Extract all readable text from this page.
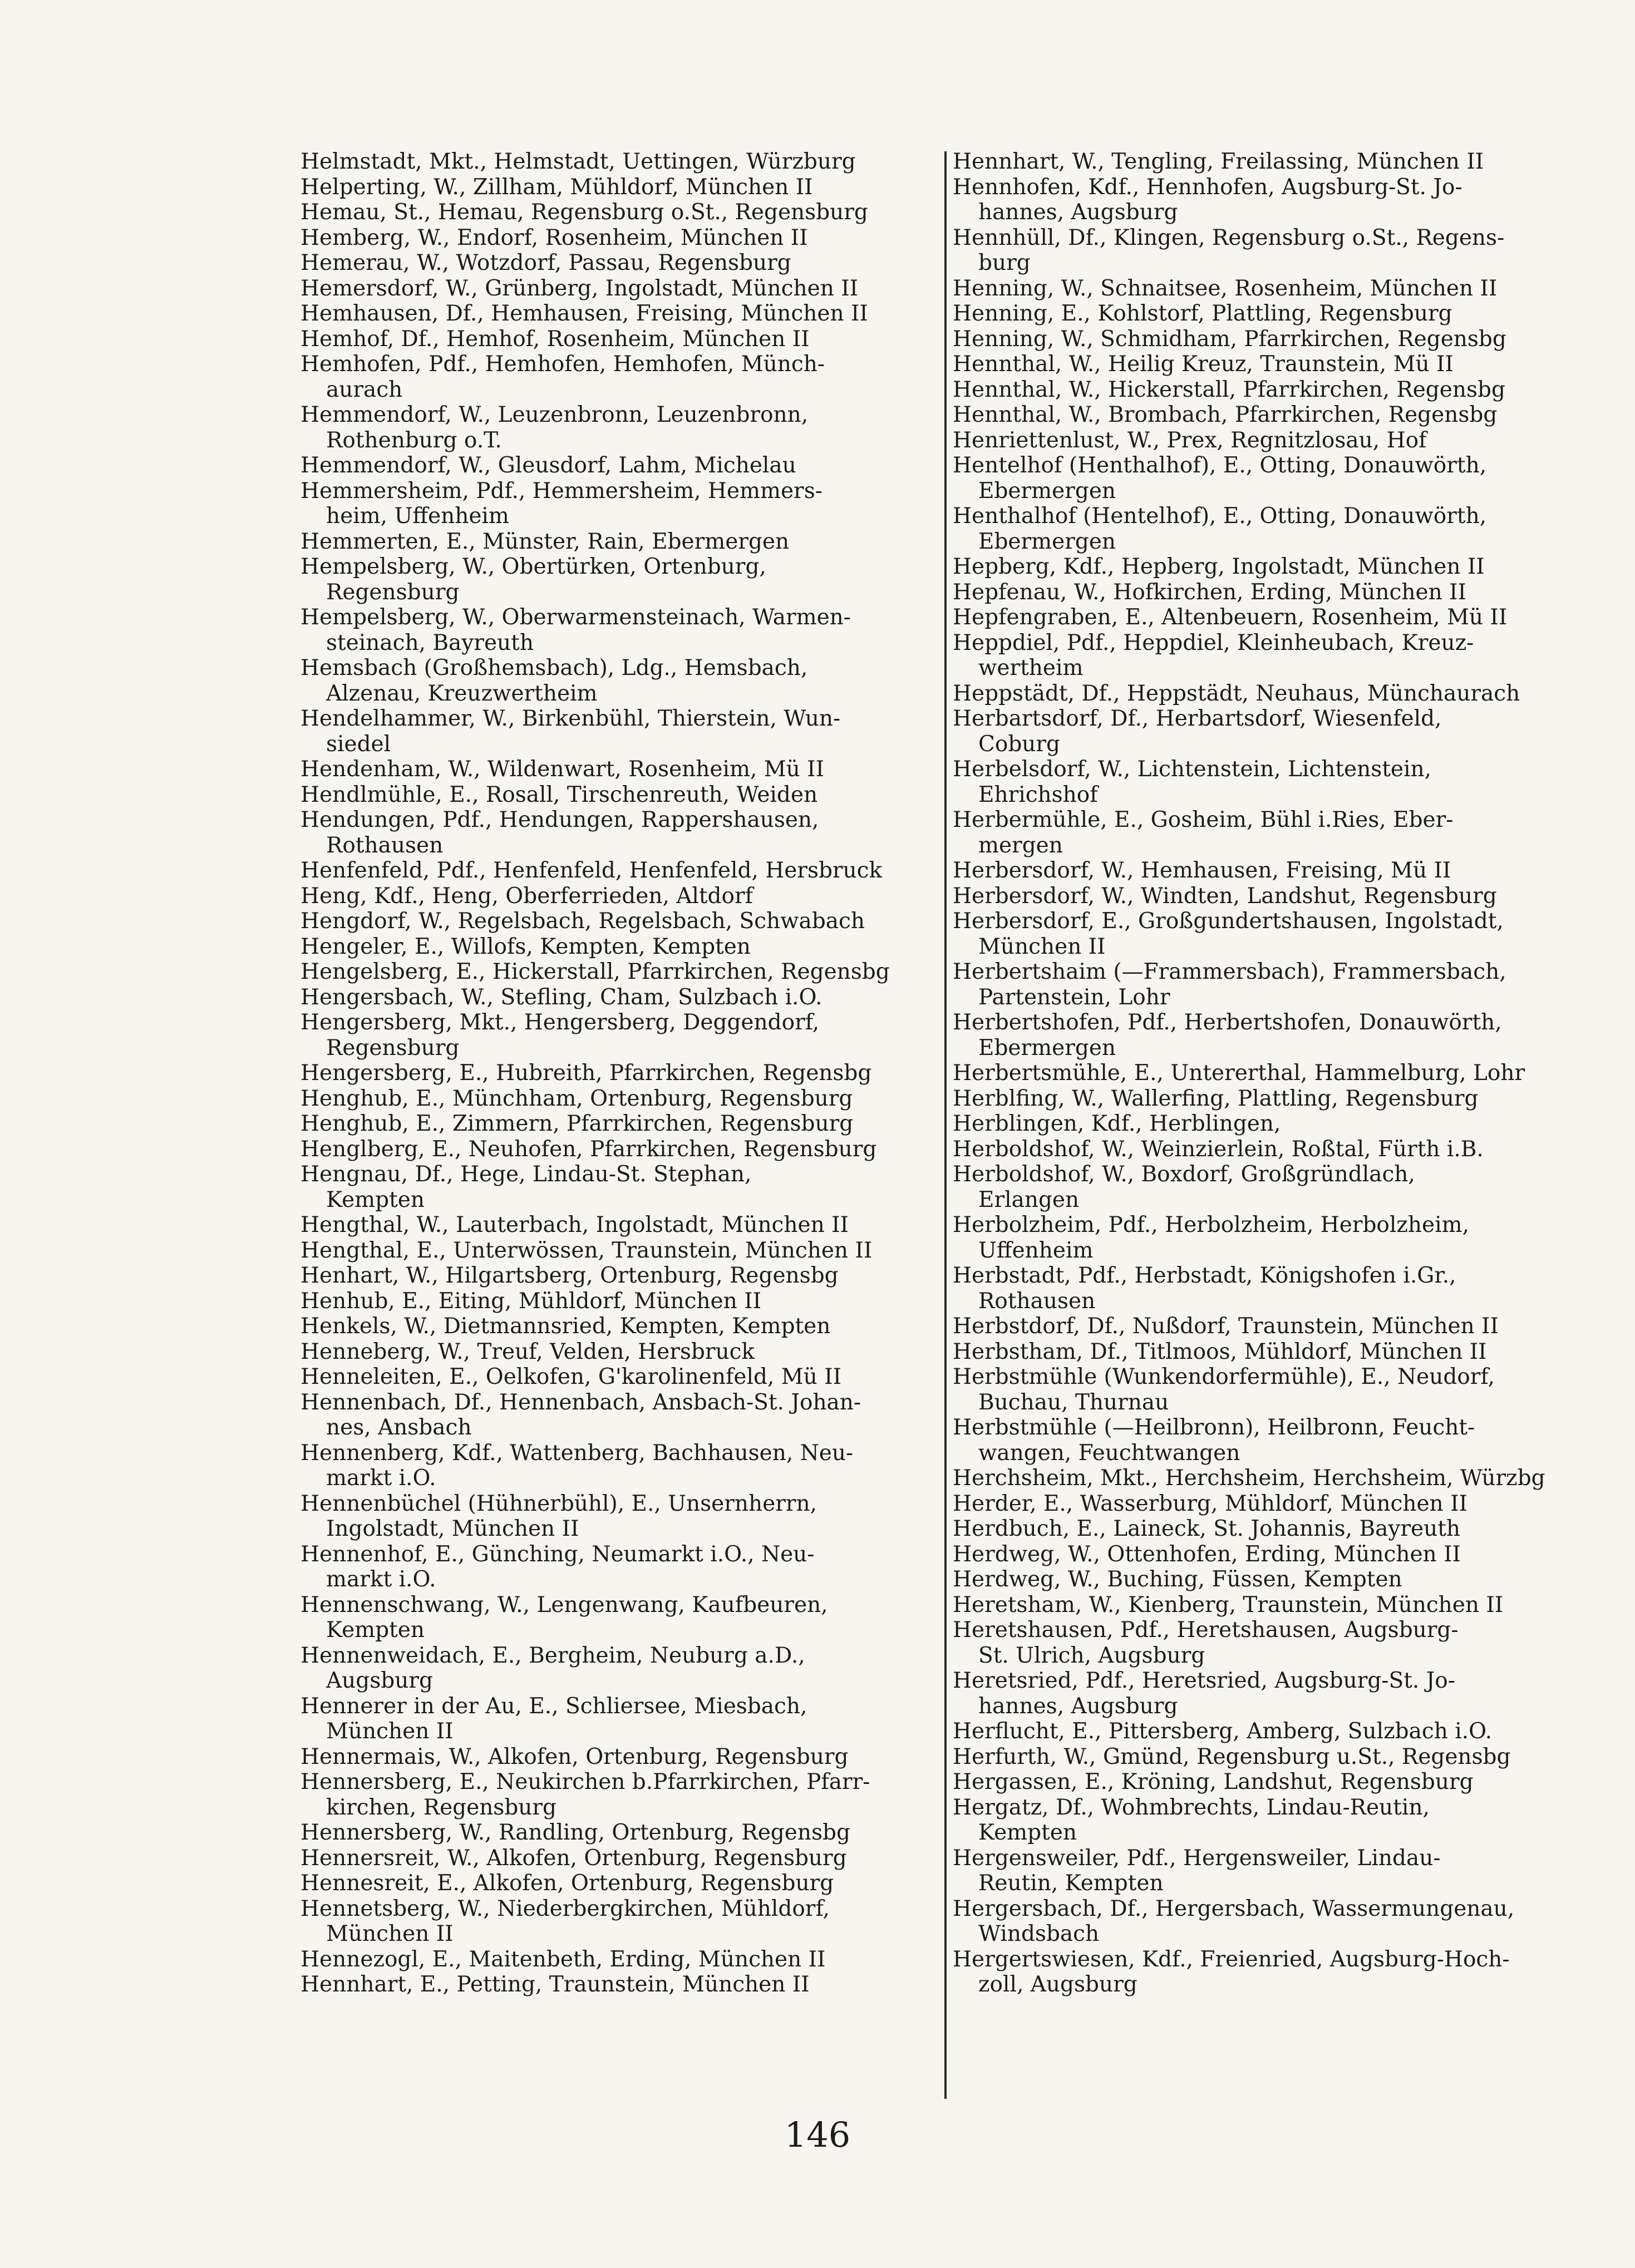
Helmstadt, Mkt., Helmstadt, Uettingen, Würzburg
Helperting, W., Zillham, Mühldorf, München II
Hemau, St., Hemau, Regensburg o.St., Regensburg
Hemberg, W., Endorf, Rosenheim, München II
Hemerau, W., Wotzdorf, Passau, Regensburg
Hemersdorf, W., Grünberg, Ingolstadt, München II
Hemhausen, Df., Hemhausen, Freising, München II
Hemhof, Df., Hemhof, Rosenheim, München II
Hemhofen, Pdf., Hemhofen, Hemhofen, Münch-
aurach
Hemmendorf, W., Leuzenbronn, Leuzenbronn,
Rothenburg o.T.
Hemmendorf, W., Gleusdorf, Lahm, Michelau
Hemmersheim, Pdf., Hemmersheim, Hemmers-
heim, Uffenheim
Hemmerten, E., Münster, Rain, Ebermergen
Hempelsberg, W., Obertürken, Ortenburg,
Regensburg
Hempelsberg, W., Oberwarmensteinach, Warmen-
steinach, Bayreuth
Hemsbach (Großhemsbach), Ldg., Hemsbach,
Alzenau, Kreuzwertheim
Hendelhammer, W., Birkenbühl, Thierstein, Wun-
siedel
Hendenham, W., Wildenwart, Rosenheim, Mü II
Hendlmühle, E., Rosall, Tirschenreuth, Weiden
Hendungen, Pdf., Hendungen, Rappershausen,
Rothausen
Henfenfeld, Pdf., Henfenfeld, Henfenfeld, Hersbruck
Heng, Kdf., Heng, Oberferrieden, Altdorf
Hengdorf, W., Regelsbach, Regelsbach, Schwabach
Hengeler, E., Willofs, Kempten, Kempten
Hengelsberg, E., Hickerstall, Pfarrkirchen, Regensbg
Hengersbach, W., Stefling, Cham, Sulzbach i.O.
Hengersberg, Mkt., Hengersberg, Deggendorf,
Regensburg
Hengersberg, E., Hubreith, Pfarrkirchen, Regensbg
Henghub, E., Münchham, Ortenburg, Regensburg
Henghub, E., Zimmern, Pfarrkirchen, Regensburg
Henglberg, E., Neuhofen, Pfarrkirchen, Regensburg
Hengnau, Df., Hege, Lindau-St. Stephan,
Kempten
Hengthal, W., Lauterbach, Ingolstadt, München II
Hengthal, E., Unterwössen, Traunstein, München II
Henhart, W., Hilgartsberg, Ortenburg, Regensbg
Henhub, E., Eiting, Mühldorf, München II
Henkels, W., Dietmannsried, Kempten, Kempten
Henneberg, W., Treuf, Velden, Hersbruck
Henneleiten, E., Oelkofen, G'karolinenfeld, Mü II
Hennenbach, Df., Hennenbach, Ansbach-St. Johan-
nes, Ansbach
Hennenberg, Kdf., Wattenberg, Bachhausen, Neu-
markt i.O.
Hennenbüchel (Hühnerbühl), E., Unsernherrn,
Ingolstadt, München II
Hennenhof, E., Günching, Neumarkt i.O., Neu-
markt i.O.
Hennenschwang, W., Lengenwang, Kaufbeuren,
Kempten
Hennenweidach, E., Bergheim, Neuburg a.D.,
Augsburg
Hennerer in der Au, E., Schliersee, Miesbach,
München II
Hennermais, W., Alkofen, Ortenburg, Regensburg
Hennersberg, E., Neukirchen b.Pfarrkirchen, Pfarr-
kirchen, Regensburg
Hennersberg, W., Randling, Ortenburg, Regensbg
Hennersreit, W., Alkofen, Ortenburg, Regensburg
Hennesreit, E., Alkofen, Ortenburg, Regensburg
Hennetsberg, W., Niederbergkirchen, Mühldorf,
München II
Hennezogl, E., Maitenbeth, Erding, München II
Hennhart, E., Petting, Traunstein, München II
Hennhart, W., Tengling, Freilassing, München II
Hennhofen, Kdf., Hennhofen, Augsburg-St. Jo-
hannes, Augsburg
Hennhüll, Df., Klingen, Regensburg o.St., Regens-
burg
Henning, W., Schnaitsee, Rosenheim, München II
Henning, E., Kohlstorf, Plattling, Regensburg
Henning, W., Schmidham, Pfarrkirchen, Regensbg
Hennthal, W., Heilig Kreuz, Traunstein, Mü II
Hennthal, W., Hickerstall, Pfarrkirchen, Regensbg
Hennthal, W., Brombach, Pfarrkirchen, Regensbg
Henriettenlust, W., Prex, Regnitzlosau, Hof
Hentelhof (Henthalhof), E., Otting, Donauwörth,
Ebermergen
Henthalhof (Hentelhof), E., Otting, Donauwörth,
Ebermergen
Hepberg, Kdf., Hepberg, Ingolstadt, München II
Hepfenau, W., Hofkirchen, Erding, München II
Hepfengraben, E., Altenbeuern, Rosenheim, Mü II
Heppdiel, Pdf., Heppdiel, Kleinheubach, Kreuz-
wertheim
Heppstädt, Df., Heppstädt, Neuhaus, Münchaurach
Herbartsdorf, Df., Herbartsdorf, Wiesenfeld,
Coburg
Herbelsdorf, W., Lichtenstein, Lichtenstein,
Ehrichshof
Herbermühle, E., Gosheim, Bühl i.Ries, Eber-
mergen
Herbersdorf, W., Hemhausen, Freising, Mü II
Herbersdorf, W., Windten, Landshut, Regensburg
Herbersdorf, E., Großgundertshausen, Ingolstadt,
München II
Herbertshaim (—Frammersbach), Frammersbach,
Partenstein, Lohr
Herbertshofen, Pdf., Herbertshofen, Donauwörth,
Ebermergen
Herbertsmühle, E., Untererthal, Hammelburg, Lohr
Herblfing, W., Wallerfing, Plattling, Regensburg
Herblingen, Kdf., Herblingen,
Herboldshof, W., Weinzierlein, Roßtal, Fürth i.B.
Herboldshof, W., Boxdorf, Großgründlach,
Erlangen
Herbolzheim, Pdf., Herbolzheim, Herbolzheim,
Uffenheim
Herbstadt, Pdf., Herbstadt, Königshofen i.Gr.,
Rothausen
Herbstdorf, Df., Nußdorf, Traunstein, München II
Herbstham, Df., Titlmoos, Mühldorf, München II
Herbstmühle (Wunkendorfermühle), E., Neudorf,
Buchau, Thurnau
Herbstmühle (—Heilbronn), Heilbronn, Feucht-
wangen, Feuchtwangen
Herchsheim, Mkt., Herchsheim, Herchsheim, Würzbg
Herder, E., Wasserburg, Mühldorf, München II
Herdbuch, E., Laineck, St. Johannis, Bayreuth
Herdweg, W., Ottenhofen, Erding, München II
Herdweg, W., Buching, Füssen, Kempten
Heretsham, W., Kienberg, Traunstein, München II
Heretshausen, Pdf., Heretshausen, Augsburg-
St. Ulrich, Augsburg
Heretsried, Pdf., Heretsried, Augsburg-St. Jo-
hannes, Augsburg
Herflucht, E., Pittersberg, Amberg, Sulzbach i.O.
Herfurth, W., Gmünd, Regensburg u.St., Regensbg
Hergassen, E., Kröning, Landshut, Regensburg
Hergatz, Df., Wohmbrechts, Lindau-Reutin,
Kempten
Hergensweiler, Pdf., Hergensweiler, Lindau-
Reutin, Kempten
Hergersbach, Df., Hergersbach, Wassermungenau,
Windsbach
Hergertswiesen, Kdf., Freienried, Augsburg-Hoch-
zoll, Augsburg
146
